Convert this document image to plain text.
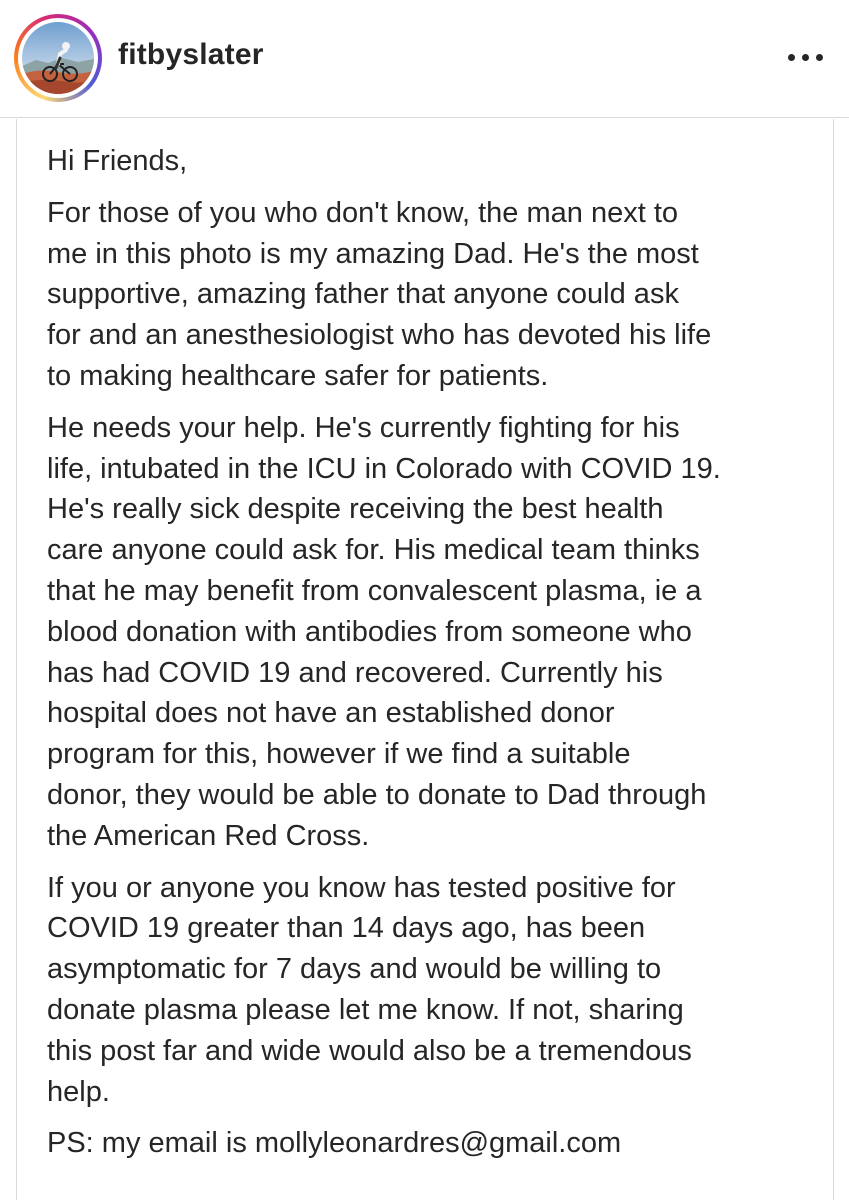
fitbyslater

Hi Friends,

For those of you who don't know, the man next to
me in this photo is my amazing Dad. He's the most
supportive, amazing father that anyone could ask
for and an anesthesiologist who has devoted his life
to making healthcare safer for patients.

He needs your help. He's currently fighting for his
life, intubated in the ICU in Colorado with COVID 19.
He's really sick despite receiving the best health
care anyone could ask for. His medical team thinks
that he may benefit from convalescent plasma, ie a
blood donation with antibodies from someone who
has had COVID 19 and recovered. Currently his
hospital does not have an established donor
program for this, however if we find a suitable
donor, they would be able to donate to Dad through
the American Red Cross.

If you or anyone you know has tested positive for
COVID 19 greater than 14 days ago, has been
asymptomatic for 7 days and would be willing to
donate plasma please let me know. If not, sharing
this post far and wide would also be a tremendous
help.

PS: my email is mollyleonardres@gmail.com
